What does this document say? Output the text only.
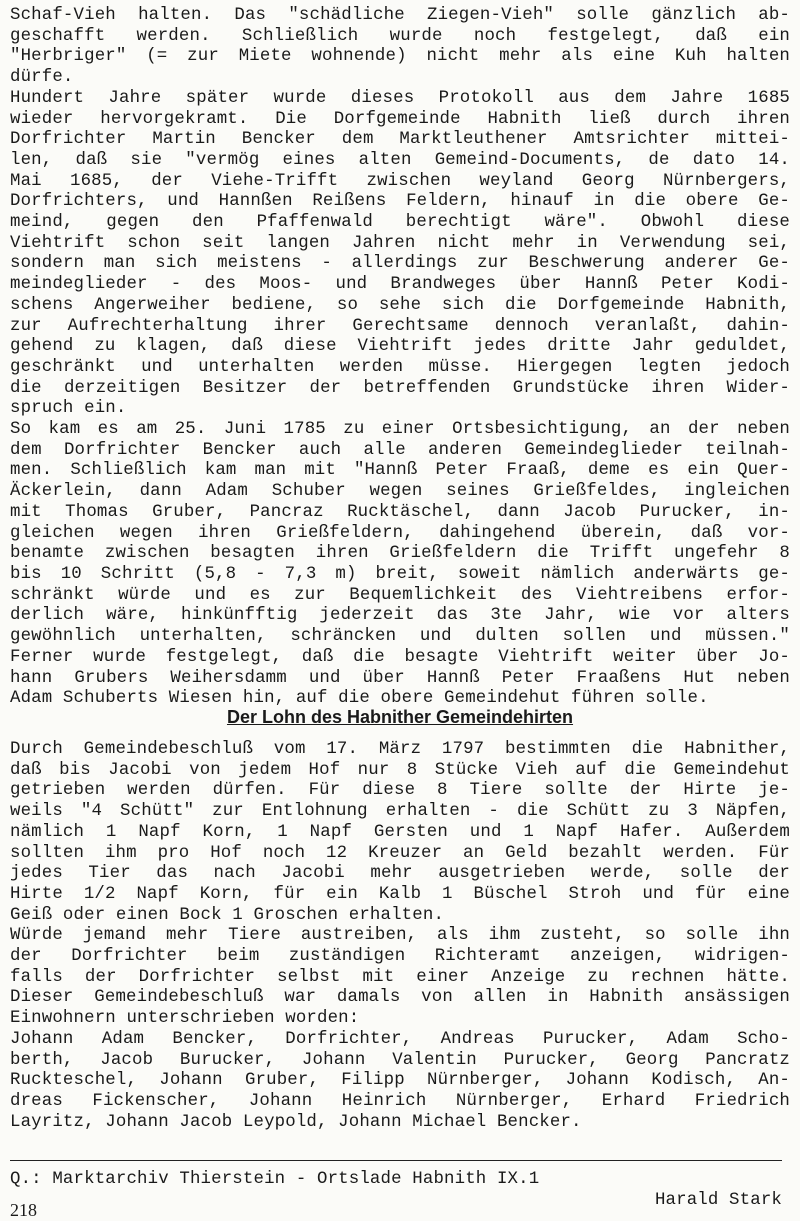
Schaf-Vieh halten. Das "schädliche Ziegen-Vieh" solle gänzlich ab-
geschafft werden. Schließlich wurde noch festgelegt, daß ein
"Herbriger" (= zur Miete wohnende) nicht mehr als eine Kuh halten
dürfe.
Hundert Jahre später wurde dieses Protokoll aus dem Jahre 1685
wieder hervorgekramt. Die Dorfgemeinde Habnith ließ durch ihren
Dorfrichter Martin Bencker dem Marktleuthener Amtsrichter mittei-
len, daß sie "vermög eines alten Gemeind-Documents, de dato 14.
Mai 1685, der Viehe-Trifft zwischen weyland Georg Nürnbergers,
Dorfrichters, und Hannßen Reißens Feldern, hinauf in die obere Ge-
meind, gegen den Pfaffenwald berechtigt wäre". Obwohl diese
Viehtrift schon seit langen Jahren nicht mehr in Verwendung sei,
sondern man sich meistens - allerdings zur Beschwerung anderer Ge-
meindeglieder - des Moos- und Brandweges über Hannß Peter Kodi-
schens Angerweiher bediene, so sehe sich die Dorfgemeinde Habnith,
zur Aufrechterhaltung ihrer Gerechtsame dennoch veranlaßt, dahin-
gehend zu klagen, daß diese Viehtrift jedes dritte Jahr geduldet,
geschränkt und unterhalten werden müsse. Hiergegen legten jedoch
die derzeitigen Besitzer der betreffenden Grundstücke ihren Wider-
spruch ein.
So kam es am 25. Juni 1785 zu einer Ortsbesichtigung, an der neben
dem Dorfrichter Bencker auch alle anderen Gemeindeglieder teilnah-
men. Schließlich kam man mit "Hannß Peter Fraaß, deme es ein Quer-
Äckerlein, dann Adam Schuber wegen seines Grießfeldes, ingleichen
mit Thomas Gruber, Pancraz Rucktäschel, dann Jacob Purucker, in-
gleichen wegen ihren Grießfeldern, dahingehend überein, daß vor-
benamte zwischen besagten ihren Grießfeldern die Trifft ungefehr 8
bis 10 Schritt (5,8 - 7,3 m) breit, soweit nämlich anderwärts ge-
schränkt würde und es zur Bequemlichkeit des Viehtreibens erfor-
derlich wäre, hinkünfftig jederzeit das 3te Jahr, wie vor alters
gewöhnlich unterhalten, schräncken und dulten sollen und müssen."
Ferner wurde festgelegt, daß die besagte Viehtrift weiter über Jo-
hann Grubers Weihersdamm und über Hannß Peter Fraaßens Hut neben
Adam Schuberts Wiesen hin, auf die obere Gemeindehut führen solle.
Der Lohn des Habnither Gemeindehirten
Durch Gemeindebeschluß vom 17. März 1797 bestimmten die Habnither,
daß bis Jacobi von jedem Hof nur 8 Stücke Vieh auf die Gemeindehut
getrieben werden dürfen. Für diese 8 Tiere sollte der Hirte je-
weils "4 Schütt" zur Entlohnung erhalten - die Schütt zu 3 Näpfen,
nämlich 1 Napf Korn, 1 Napf Gersten und 1 Napf Hafer. Außerdem
sollten ihm pro Hof noch 12 Kreuzer an Geld bezahlt werden. Für
jedes Tier das nach Jacobi mehr ausgetrieben werde, solle der
Hirte 1/2 Napf Korn, für ein Kalb 1 Büschel Stroh und für eine
Geiß oder einen Bock 1 Groschen erhalten.
Würde jemand mehr Tiere austreiben, als ihm zusteht, so solle ihn
der Dorfrichter beim zuständigen Richteramt anzeigen, widrigen-
falls der Dorfrichter selbst mit einer Anzeige zu rechnen hätte.
Dieser Gemeindebeschluß war damals von allen in Habnith ansässigen
Einwohnern unterschrieben worden:
Johann Adam Bencker, Dorfrichter, Andreas Purucker, Adam Scho-
berth, Jacob Burucker, Johann Valentin Purucker, Georg Pancratz
Ruckteschel, Johann Gruber, Filipp Nürnberger, Johann Kodisch, An-
dreas Fickenscher, Johann Heinrich Nürnberger, Erhard Friedrich
Layritz, Johann Jacob Leypold, Johann Michael Bencker.
Q.: Marktarchiv Thierstein - Ortslade Habnith IX.1
Harald Stark
218
